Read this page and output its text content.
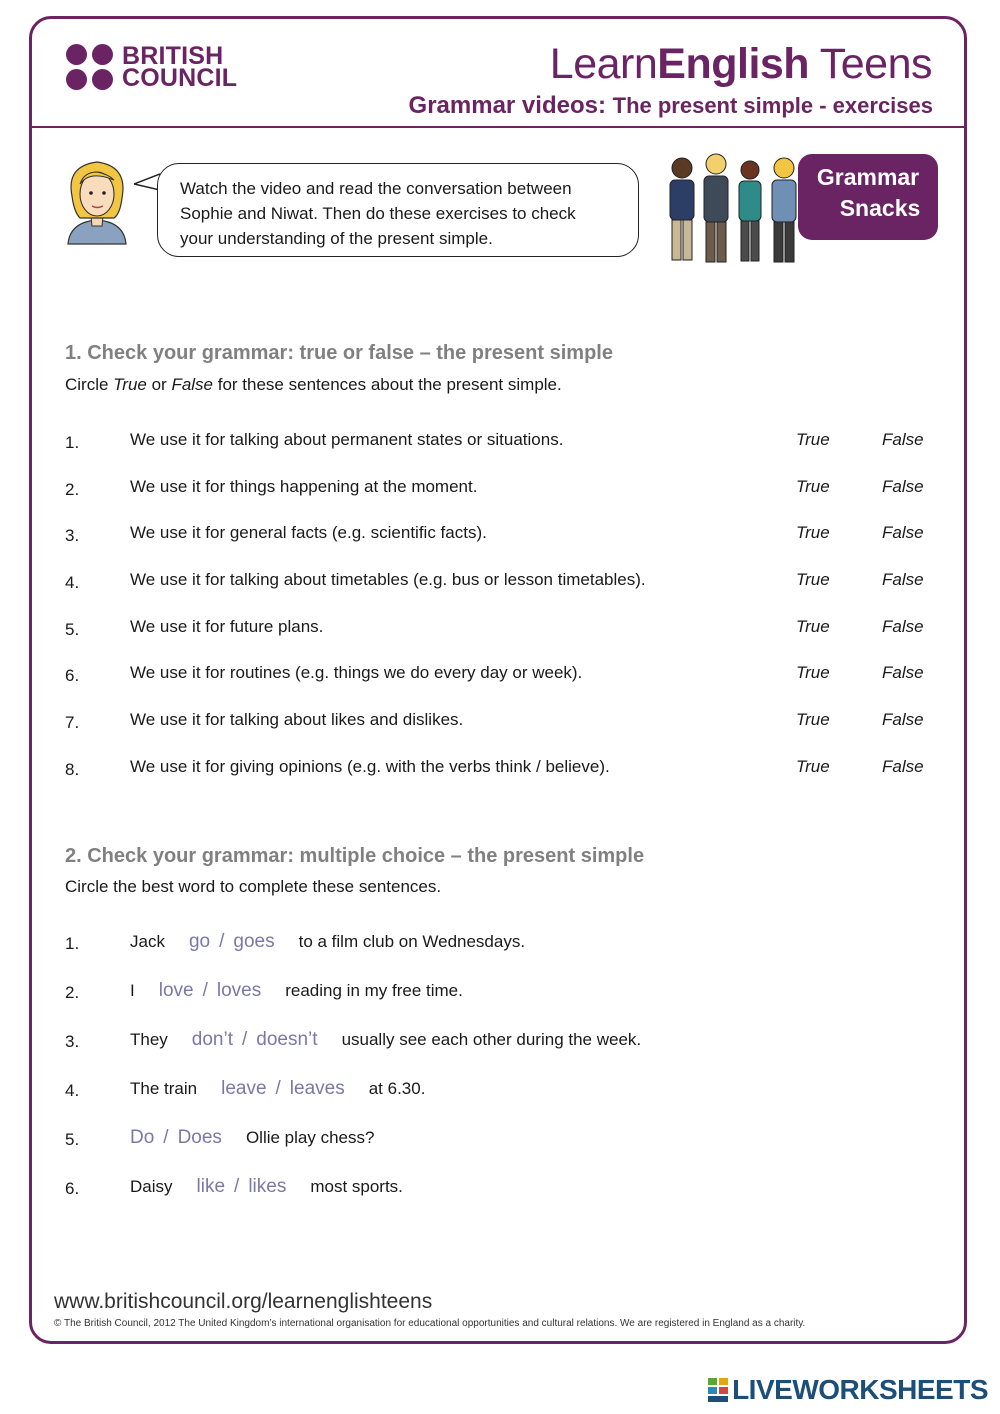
BRITISH
COUNCIL	LearnEnglish Teens
Grammar videos: The present simple - exercises
Watch the video and read the conversation between
Sophie and Niwat. Then do these exercises to check
your understanding of the present simple.
Grammar
Snacks
1. Check your grammar: true or false – the present simple
Circle True or False for these sentences about the present simple.
1.	We use it for talking about permanent states or situations.	True	False
2.	We use it for things happening at the moment.	True	False
3.	We use it for general facts (e.g. scientific facts).	True	False
4.	We use it for talking about timetables (e.g. bus or lesson timetables).	True	False
5.	We use it for future plans.	True	False
6.	We use it for routines (e.g. things we do every day or week).	True	False
7.	We use it for talking about likes and dislikes.	True	False
8.	We use it for giving opinions (e.g. with the verbs think / believe).	True	False
2. Check your grammar: multiple choice – the present simple
Circle the best word to complete these sentences.
1.	Jack go / goes to a film club on Wednesdays.
2.	I love / loves reading in my free time.
3.	They don’t / doesn’t usually see each other during the week.
4.	The train leave / leaves at 6.30.
5.	Do / Does Ollie play chess?
6.	Daisy like / likes most sports.
www.britishcouncil.org/learnenglishteens
© The British Council, 2012 The United Kingdom’s international organisation for educational opportunities and cultural relations. We are registered in England as a charity.
LIVEWORKSHEETS
